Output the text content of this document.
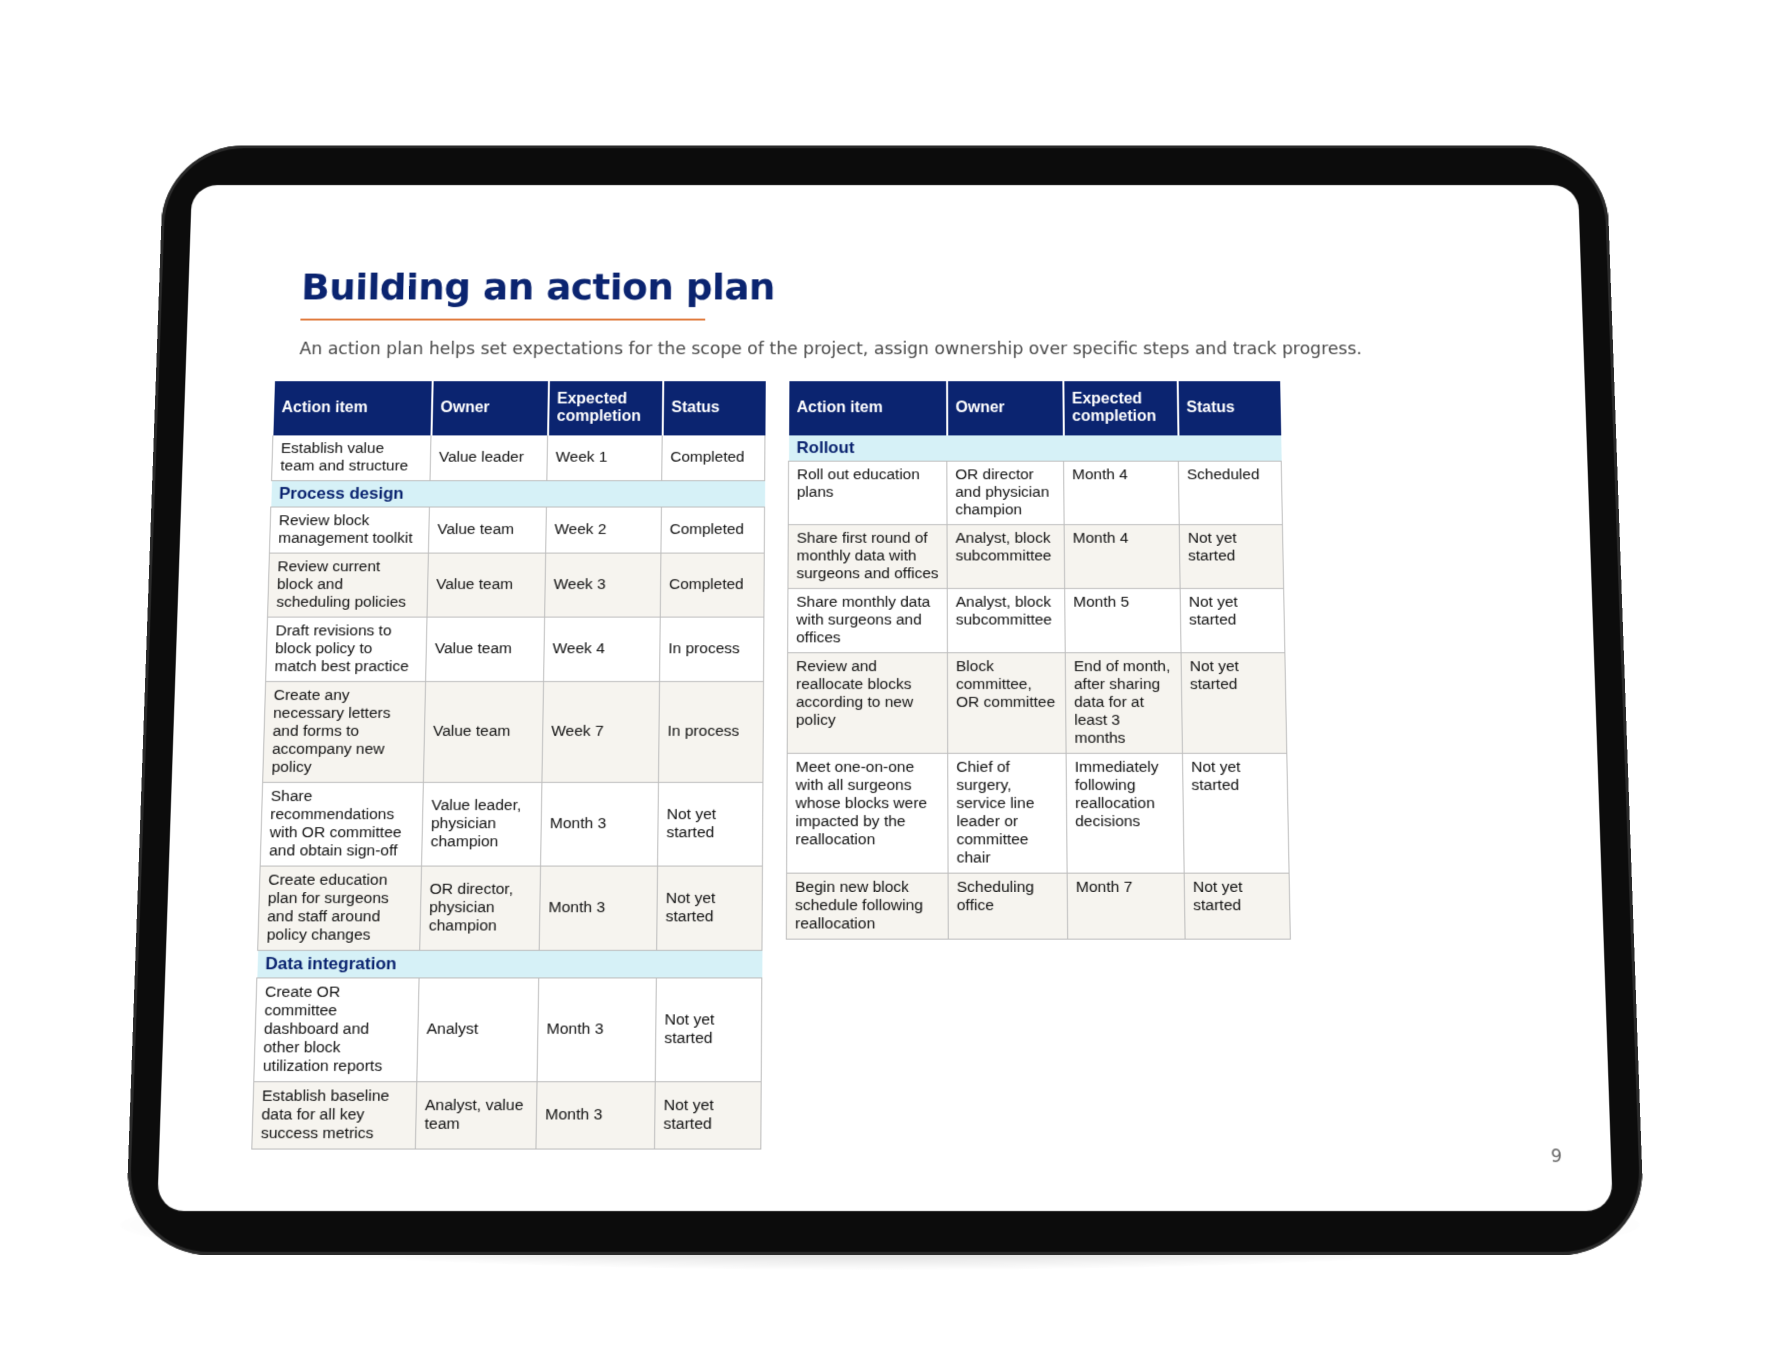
Building an action plan

An action plan helps set expectations for the scope of the project, assign ownership over specific steps and track progress.

Action item	Owner	Expected completion	Status
Establish value team and structure	Value leader	Week 1	Completed
Process design			
Review block management toolkit	Value team	Week 2	Completed
Review current block and scheduling policies	Value team	Week 3	Completed
Draft revisions to block policy to match best practice	Value team	Week 4	In process
Create any necessary letters and forms to accompany new policy	Value team	Week 7	In process
Share recommendations with OR committee and obtain sign-off	Value leader, physician champion	Month 3	Not yet started
Create education plan for surgeons and staff around policy changes	OR director, physician champion	Month 3	Not yet started
Data integration			
Create OR committee dashboard and other block utilization reports	Analyst	Month 3	Not yet started
Establish baseline data for all key success metrics	Analyst, value team	Month 3	Not yet started
Action item	Owner	Expected completion	Status
Rollout			
Roll out education plans	OR director and physician champion	Month 4	Scheduled
Share first round of monthly data with surgeons and offices	Analyst, block subcommittee	Month 4	Not yet started
Share monthly data with surgeons and offices	Analyst, block subcommittee	Month 5	Not yet started
Review and reallocate blocks according to new policy	Block committee, OR committee	End of month, after sharing data for at least 3 months	Not yet started
Meet one-on-one with all surgeons whose blocks were impacted by the reallocation	Chief of surgery, service line leader or committee chair	Immediately following reallocation decisions	Not yet started
Begin new block schedule following reallocation	Scheduling office	Month 7	Not yet started
9
